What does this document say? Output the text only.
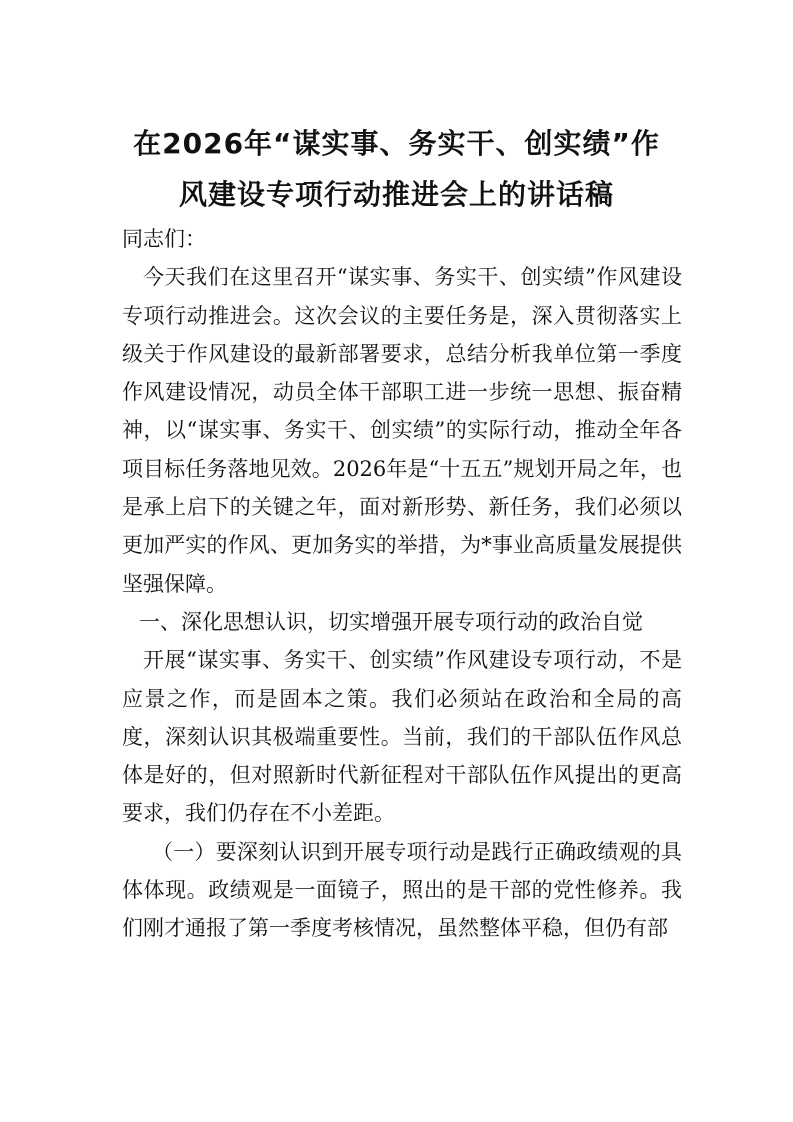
在2026年“谋实事、务实干、创实绩”作
风建设专项行动推进会上的讲话稿

同志们：

今天我们在这里召开“谋实事、务实干、创实绩”作风建设专项行动推进会。这次会议的主要任务是，深入贯彻落实上级关于作风建设的最新部署要求，总结分析我单位第一季度作风建设情况，动员全体干部职工进一步统一思想、振奋精神，以“谋实事、务实干、创实绩”的实际行动，推动全年各项目标任务落地见效。2026年是“十五五”规划开局之年，也是承上启下的关键之年，面对新形势、新任务，我们必须以更加严实的作风、更加务实的举措，为*事业高质量发展提供坚强保障。

一、深化思想认识，切实增强开展专项行动的政治自觉

开展“谋实事、务实干、创实绩”作风建设专项行动，不是应景之作，而是固本之策。我们必须站在政治和全局的高度，深刻认识其极端重要性。当前，我们的干部队伍作风总体是好的，但对照新时代新征程对干部队伍作风提出的更高要求，我们仍存在不小差距。

（一）要深刻认识到开展专项行动是践行正确政绩观的具体体现。政绩观是一面镜子，照出的是干部的党性修养。我们刚才通报了第一季度考核情况，虽然整体平稳，但仍有部
